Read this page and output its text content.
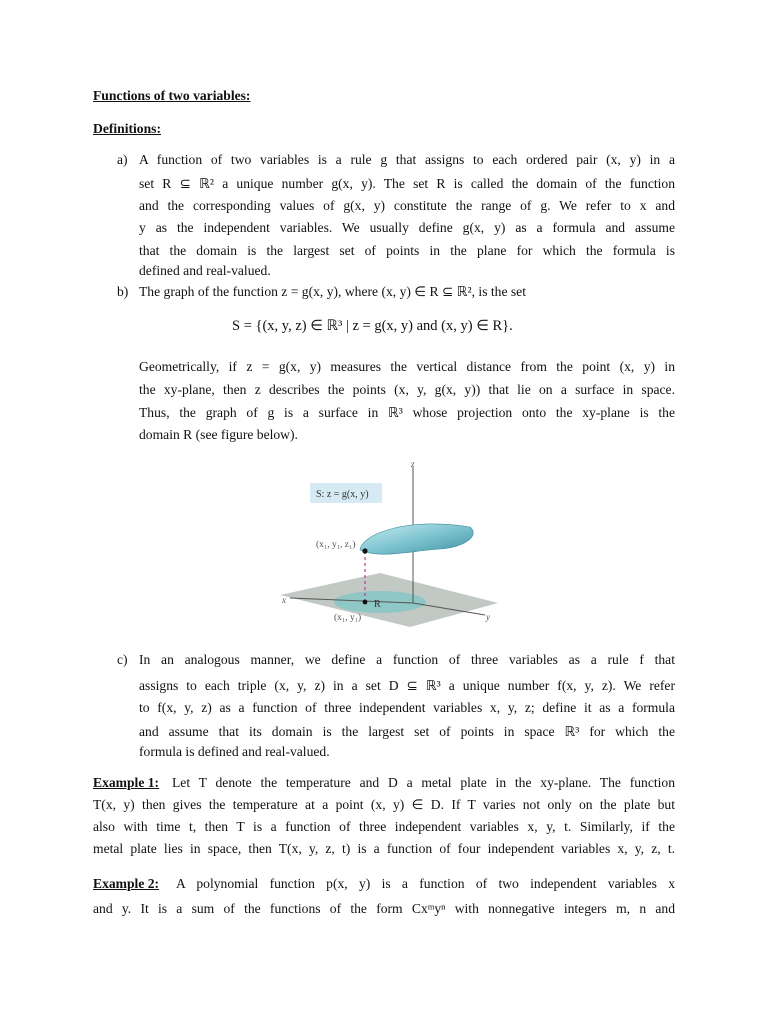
Functions of two variables:
Definitions:
a) A function of two variables is a rule g that assigns to each ordered pair (x, y) in a
set R ⊆ ℝ² a unique number g(x, y). The set R is called the domain of the function
and the corresponding values of g(x, y) constitute the range of g. We refer to x and
y as the independent variables. We usually define g(x, y) as a formula and assume
that the domain is the largest set of points in the plane for which the formula is
defined and real-valued.
b) The graph of the function z = g(x, y), where (x, y) ∈ R ⊆ ℝ², is the set
S = {(x, y, z) ∈ ℝ³ | z = g(x, y) and (x, y) ∈ R}.
Geometrically, if z = g(x, y) measures the vertical distance from the point (x, y) in
the xy-plane, then z describes the points (x, y, g(x, y)) that lie on a surface in space.
Thus, the graph of g is a surface in ℝ³ whose projection onto the xy-plane is the
domain R (see figure below).
S: z = g(x, y)
(x₁, y₁, z₁)
(x₁, y₁)
R
z
x
y
c) In an analogous manner, we define a function of three variables as a rule f that
assigns to each triple (x, y, z) in a set D ⊆ ℝ³ a unique number f(x, y, z). We refer
to f(x, y, z) as a function of three independent variables x, y, z; define it as a formula
and assume that its domain is the largest set of points in space ℝ³ for which the
formula is defined and real-valued.
Example 1: Let T denote the temperature and D a metal plate in the xy-plane. The function
T(x, y) then gives the temperature at a point (x, y) ∈ D. If T varies not only on the plate but
also with time t, then T is a function of three independent variables x, y, t. Similarly, if the
metal plate lies in space, then T(x, y, z, t) is a function of four independent variables x, y, z, t.
Example 2: A polynomial function p(x, y) is a function of two independent variables x
and y. It is a sum of the functions of the form Cxᵐyⁿ with nonnegative integers m, n and
